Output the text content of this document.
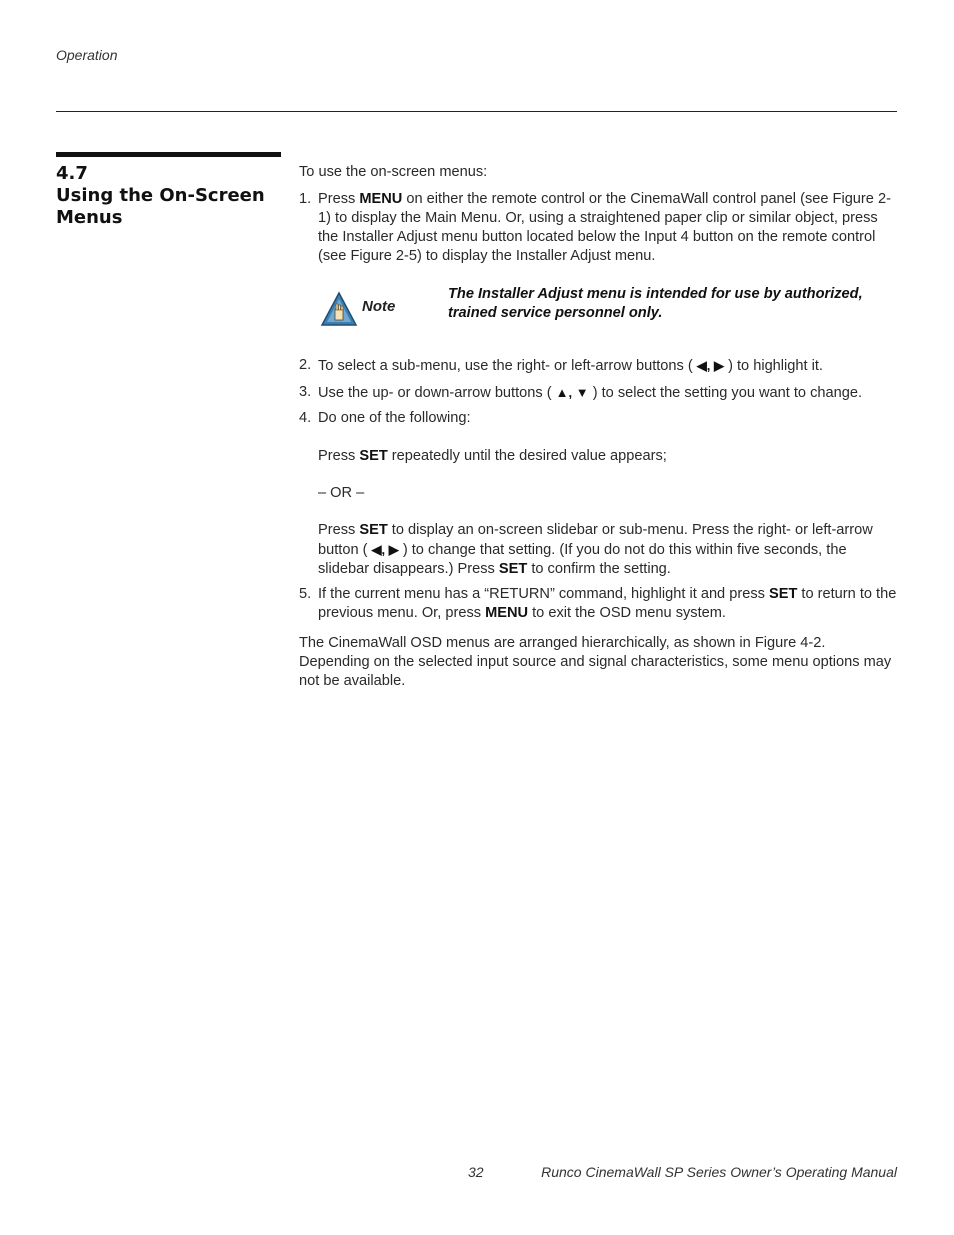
Operation
4.7
Using the On-Screen
Menus
To use the on-screen menus:
1. Press MENU on either the remote control or the CinemaWall control panel (see Figure 2-1) to display the Main Menu. Or, using a straightened paper clip or similar object, press the Installer Adjust menu button located below the Input 4 button on the remote control (see Figure 2-5) to display the Installer Adjust menu.
2. To select a sub-menu, use the right- or left-arrow buttons ( ◀, ▶ ) to highlight it.
3. Use the up- or down-arrow buttons ( ▲, ▼ ) to select the setting you want to change.
4. Do one of the following:
Press SET repeatedly until the desired value appears;
– OR –
Press SET to display an on-screen slidebar or sub-menu. Press the right- or left-arrow button ( ◀, ▶ ) to change that setting. (If you do not do this within five seconds, the slidebar disappears.) Press SET to confirm the setting.
5. If the current menu has a “RETURN” command, highlight it and press SET to return to the previous menu. Or, press MENU to exit the OSD menu system.
Note
The Installer Adjust menu is intended for use by authorized, trained service personnel only.
The CinemaWall OSD menus are arranged hierarchically, as shown in Figure 4-2. Depending on the selected input source and signal characteristics, some menu options may not be available.
32	Runco CinemaWall SP Series Owner’s Operating Manual
